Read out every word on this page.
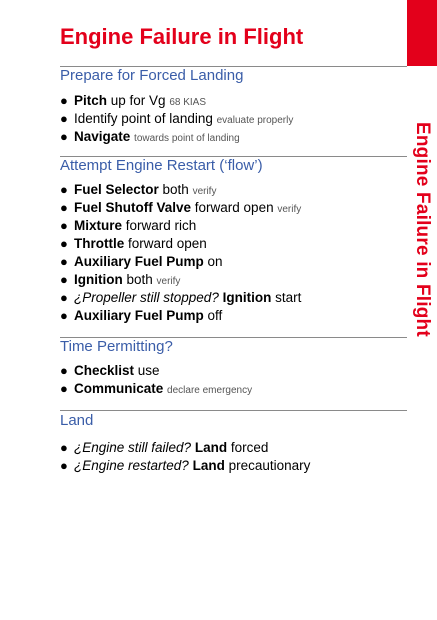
Engine Failure in Flight
Engine Failure in Flight
Prepare for Forced Landing
● Pitch up for Vg 68 KIAS
● Identify point of landing evaluate properly
● Navigate towards point of landing
Attempt Engine Restart (‘flow’)
● Fuel Selector both verify
● Fuel Shutoff Valve forward open verify
● Mixture forward rich
● Throttle forward open
● Auxiliary Fuel Pump on
● Ignition both verify
● ¿Propeller still stopped? Ignition start
● Auxiliary Fuel Pump off
Time Permitting?
● Checklist use
● Communicate declare emergency
Land
● ¿Engine still failed? Land forced
● ¿Engine restarted? Land precautionary
